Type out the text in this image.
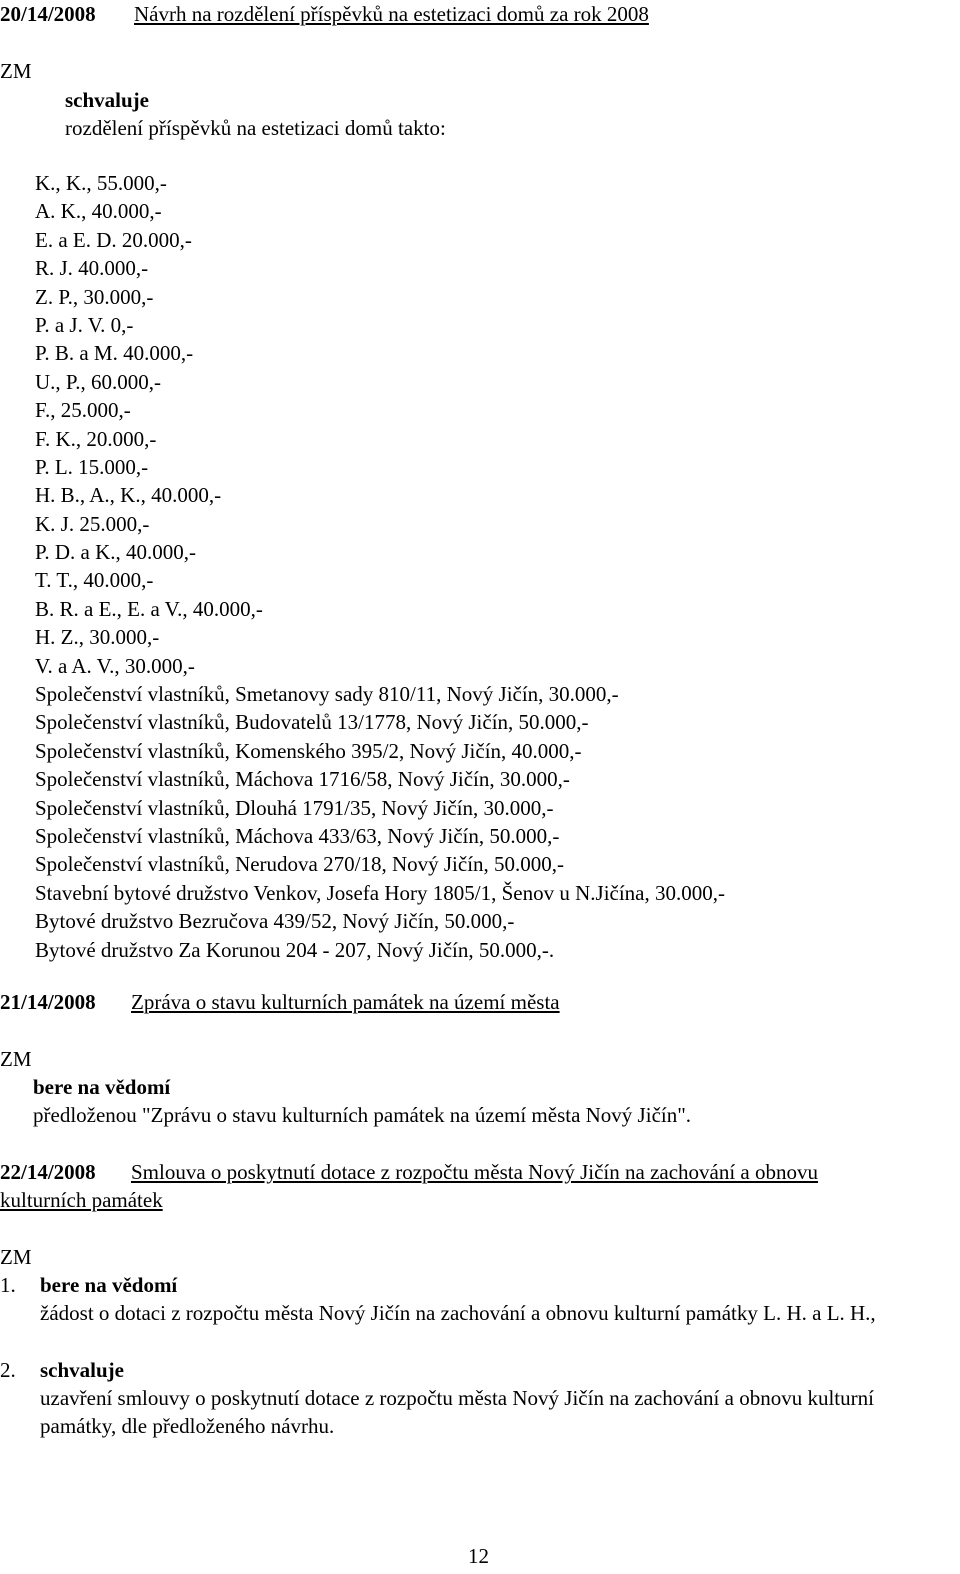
20/14/2008 Návrh na rozdělení příspěvků na estetizaci domů za rok 2008
ZM
schvaluje
rozdělení příspěvků na estetizaci domů takto:
K., K., 55.000,-
A. K., 40.000,-
E. a E. D. 20.000,-
R. J. 40.000,-
Z. P., 30.000,-
P. a J. V. 0,-
P. B. a M. 40.000,-
U., P., 60.000,-
F., 25.000,-
F. K., 20.000,-
P. L. 15.000,-
H. B., A., K., 40.000,-
K. J. 25.000,-
P. D. a K., 40.000,-
T. T., 40.000,-
B. R. a E., E. a V., 40.000,-
H. Z., 30.000,-
V. a A. V., 30.000,-
Společenství vlastníků, Smetanovy sady 810/11, Nový Jičín, 30.000,-
Společenství vlastníků, Budovatelů 13/1778, Nový Jičín, 50.000,-
Společenství vlastníků, Komenského 395/2, Nový Jičín, 40.000,-
Společenství vlastníků, Máchova 1716/58, Nový Jičín, 30.000,-
Společenství vlastníků, Dlouhá 1791/35, Nový Jičín, 30.000,-
Společenství vlastníků, Máchova 433/63, Nový Jičín, 50.000,-
Společenství vlastníků, Nerudova 270/18, Nový Jičín, 50.000,-
Stavební bytové družstvo Venkov, Josefa Hory 1805/1, Šenov u N.Jičína, 30.000,-
Bytové družstvo Bezručova 439/52, Nový Jičín, 50.000,-
Bytové družstvo Za Korunou 204 - 207, Nový Jičín, 50.000,-.
21/14/2008 Zpráva o stavu kulturních památek na území města
ZM
bere na vědomí
předloženou "Zprávu o stavu kulturních památek na území města Nový Jičín".
22/14/2008 Smlouva o poskytnutí dotace z rozpočtu města Nový Jičín na zachování a obnovu
kulturních památek
ZM
1. bere na vědomí
žádost o dotaci z rozpočtu města Nový Jičín na zachování a obnovu kulturní památky L. H. a L. H.,
2. schvaluje
uzavření smlouvy o poskytnutí dotace z rozpočtu města Nový Jičín na zachování a obnovu kulturní památky, dle předloženého návrhu.
12
